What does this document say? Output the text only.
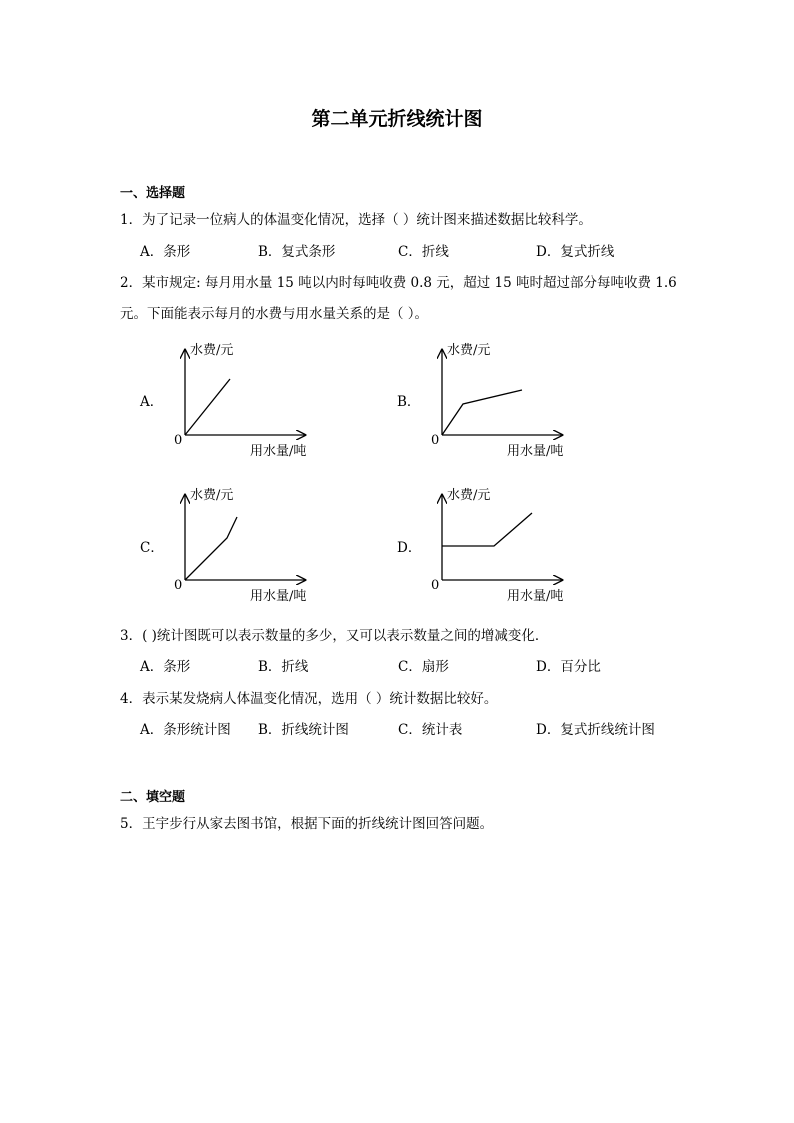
第二单元折线统计图
一、选择题
1．为了记录一位病人的体温变化情况，选择（ ）统计图来描述数据比较科学。
A．条形	B．复式条形	C．折线	D．复式折线
2．某市规定: 每月用水量 15 吨以内时每吨收费 0.8 元，超过 15 吨时超过部分每吨收费 1.6
元。下面能表示每月的水费与用水量关系的是（ ）。
A．
水费/元
用水量/吨
0
B．
水费/元
用水量/吨
0
C．
水费/元
用水量/吨
0
D．
水费/元
用水量/吨
0
3．( )统计图既可以表示数量的多少，又可以表示数量之间的增减变化．
A．条形	B．折线	C．扇形	D．百分比
4．表示某发烧病人体温变化情况，选用（ ）统计数据比较好。
A．条形统计图 B．折线统计图	C．统计表	D．复式折线统计图
二、填空题
5．王宇步行从家去图书馆，根据下面的折线统计图回答问题。
